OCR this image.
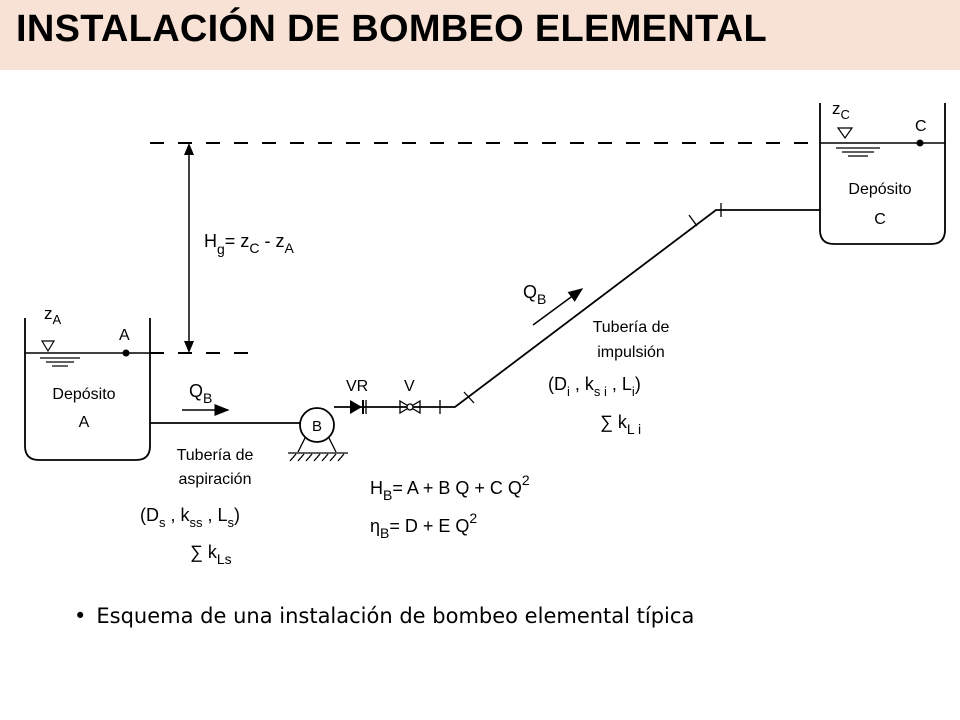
INSTALACIÓN DE BOMBEO ELEMENTAL
$z_A$
A
Depósito
A
$z_C$
C
Depósito
C
$H_g= z_C - z_A$
$Q_B$
B
VR V
$Q_B$
Tubería de
aspiración
($D_s$ , $k_{ss}$ , $L_s$)
∑ $k_{Ls}$
Tubería de
impulsión
($D_i$ , $k_{s i}$ , $L_i$)
∑ $k_{L i}$
$H_B= A + B$ Q + C $Q^2$
$\eta_B= D + E$ $Q^2$
• Esquema de una instalación de bombeo elemental típica
